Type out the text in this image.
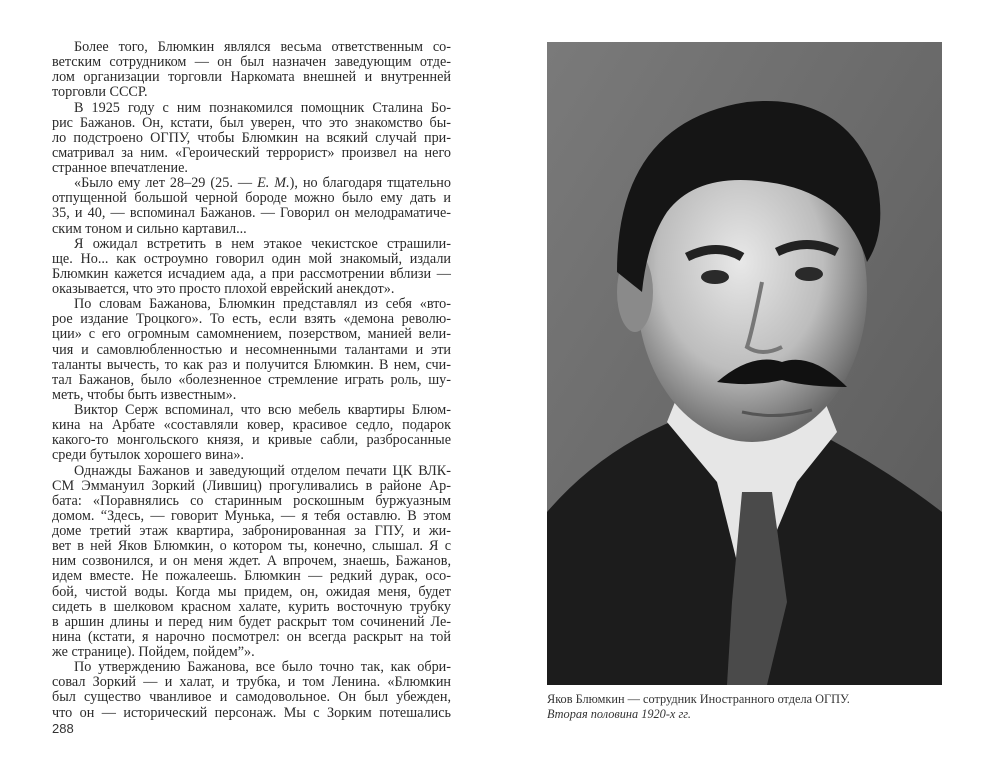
Более того, Блюмкин являлся весьма ответственным со-
ветским сотрудником — он был назначен заведующим отде-
лом организации торговли Наркомата внешней и внутренней
торговли СССР.
В 1925 году с ним познакомился помощник Сталина Бо-
рис Бажанов. Он, кстати, был уверен, что это знакомство бы-
ло подстроено ОГПУ, чтобы Блюмкин на всякий случай при-
сматривал за ним. «Героический террорист» произвел на него
странное впечатление.
«Было ему лет 28–29 (25. — Е. М.), но благодаря тщательно
отпущенной большой черной бороде можно было ему дать и
35, и 40, — вспоминал Бажанов. — Говорил он мелодраматиче-
ским тоном и сильно картавил...
Я ожидал встретить в нем этакое чекистское страшили-
ще. Но... как остроумно говорил один мой знакомый, издали
Блюмкин кажется исчадием ада, а при рассмотрении вблизи —
оказывается, что это просто плохой еврейский анекдот».
По словам Бажанова, Блюмкин представлял из себя «вто-
рое издание Троцкого». То есть, если взять «демона револю-
ции» с его огромным самомнением, позерством, манией вели-
чия и самовлюбленностью и несомненными талантами и эти
таланты вычесть, то как раз и получится Блюмкин. В нем, счи-
тал Бажанов, было «болезненное стремление играть роль, шу-
меть, чтобы быть известным».
Виктор Серж вспоминал, что всю мебель квартиры Блюм-
кина на Арбате «составляли ковер, красивое седло, подарок
какого-то монгольского князя, и кривые сабли, разбросанные
среди бутылок хорошего вина».
Однажды Бажанов и заведующий отделом печати ЦК ВЛК-
СМ Эммануил Зоркий (Лившиц) прогуливались в районе Ар-
бата: «Поравнялись со старинным роскошным буржуазным
домом. “Здесь, — говорит Мунька, — я тебя оставлю. В этом
доме третий этаж квартира, забронированная за ГПУ, и жи-
вет в ней Яков Блюмкин, о котором ты, конечно, слышал. Я с
ним созвонился, и он меня ждет. А впрочем, знаешь, Бажанов,
идем вместе. Не пожалеешь. Блюмкин — редкий дурак, осо-
бой, чистой воды. Когда мы придем, он, ожидая меня, будет
сидеть в шелковом красном халате, курить восточную трубку
в аршин длины и перед ним будет раскрыт том сочинений Ле-
нина (кстати, я нарочно посмотрел: он всегда раскрыт на той
же странице). Пойдем, пойдем”».
По утверждению Бажанова, все было точно так, как обри-
совал Зоркий — и халат, и трубка, и том Ленина. «Блюмкин
был существо чванливое и самодовольное. Он был убежден,
что он — исторический персонаж. Мы с Зорким потешались
288
Яков Блюмкин — сотрудник Иностранного отдела ОГПУ.
Вторая половина 1920-х гг.
